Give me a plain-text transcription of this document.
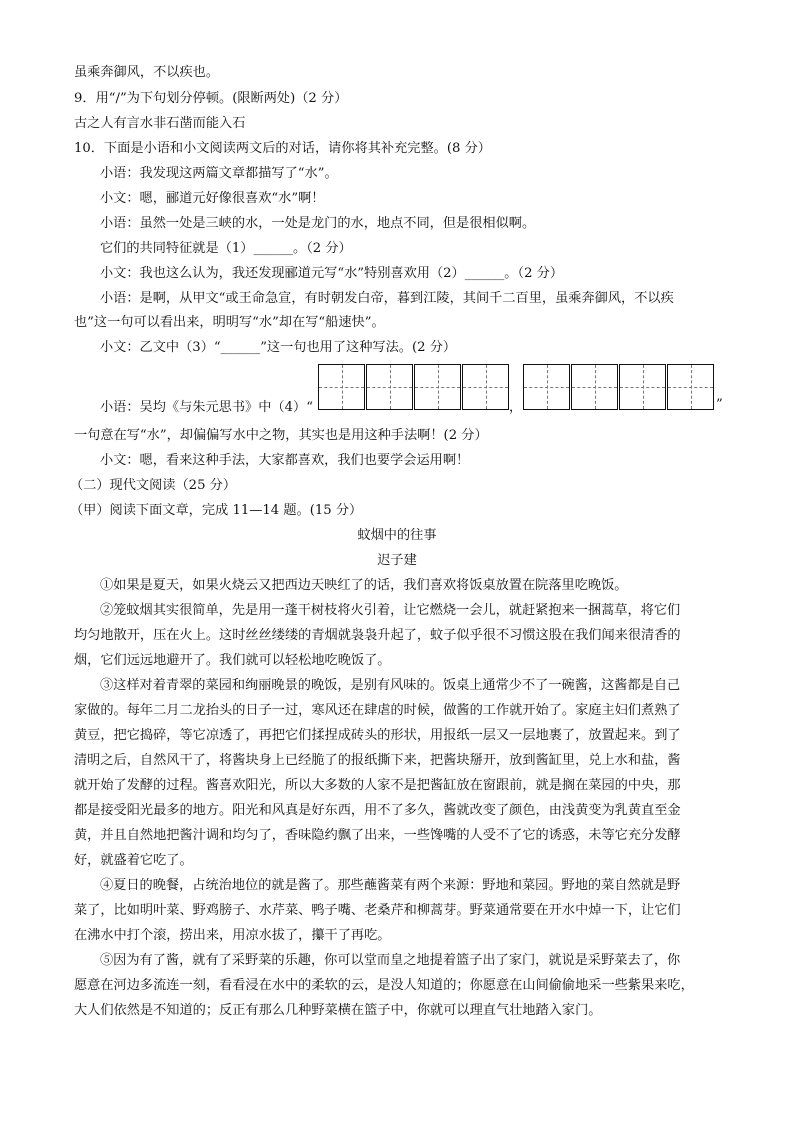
虽乘奔御风，不以疾也。
9．用“/”为下句划分停顿。(限断两处)（2 分）
古之人有言水非石凿而能入石
10．下面是小语和小文阅读两文后的对话，请你将其补充完整。(8 分）
小语：我发现这两篇文章都描写了“水”。
小文：嗯，郦道元好像很喜欢“水”啊！
小语：虽然一处是三峡的水，一处是龙门的水，地点不同，但是很相似啊。
它们的共同特征就是（1）______。（2 分）
小文：我也这么认为，我还发现郦道元写“水”特别喜欢用（2）______。（2 分）
小语：是啊，从甲文“或王命急宣，有时朝发白帝，暮到江陵，其间千二百里，虽乘奔御风，不以疾
也”这一句可以看出来，明明写“水”却在写“船速快”。
小文：乙文中（3）“______”这一句也用了这种写法。(2 分）
小语：吴均《与朱元思书》中（4）“	，	”
一句意在写“水”，却偏偏写水中之物，其实也是用这种手法啊！(2 分）
小文：嗯，看来这种手法，大家都喜欢，我们也要学会运用啊！
（二）现代文阅读（25 分）
（甲）阅读下面文章，完成 11—14 题。(15 分）
蚊烟中的往事
迟子建
①如果是夏天，如果火烧云又把西边天映红了的话，我们喜欢将饭桌放置在院落里吃晚饭。
②笼蚊烟其实很简单，先是用一蓬干树枝将火引着，让它燃烧一会儿，就赶紧抱来一捆蒿草，将它们
均匀地散开，压在火上。这时丝丝缕缕的青烟就袅袅升起了，蚊子似乎很不习惯这股在我们闻来很清香的
烟，它们远远地避开了。我们就可以轻松地吃晚饭了。
③这样对着青翠的菜园和绚丽晚景的晚饭，是别有风味的。饭桌上通常少不了一碗酱，这酱都是自己
家做的。每年二月二龙抬头的日子一过，寒风还在肆虐的时候，做酱的工作就开始了。家庭主妇们煮熟了
黄豆，把它捣碎，等它凉透了，再把它们揉捏成砖头的形状，用报纸一层又一层地裹了，放置起来。到了
清明之后，自然风干了，将酱块身上已经脆了的报纸撕下来，把酱块掰开，放到酱缸里，兑上水和盐，酱
就开始了发酵的过程。酱喜欢阳光，所以大多数的人家不是把酱缸放在窗跟前，就是搁在菜园的中央，那
都是接受阳光最多的地方。阳光和风真是好东西，用不了多久，酱就改变了颜色，由浅黄变为乳黄直至金
黄，并且自然地把酱汁调和均匀了，香味隐约飘了出来，一些馋嘴的人受不了它的诱惑，未等它充分发酵
好，就盛着它吃了。
④夏日的晚餐，占统治地位的就是酱了。那些蘸酱菜有两个来源：野地和菜园。野地的菜自然就是野
菜了，比如明叶菜、野鸡膀子、水芹菜、鸭子嘴、老桑芹和柳蒿芽。野菜通常要在开水中焯一下，让它们
在沸水中打个滚，捞出来，用凉水拔了，攥干了再吃。
⑤因为有了酱，就有了采野菜的乐趣，你可以堂而皇之地提着篮子出了家门，就说是采野菜去了，你
愿意在河边多流连一刻，看看浸在水中的柔软的云，是没人知道的；你愿意在山间偷偷地采一些紫果来吃，
大人们依然是不知道的；反正有那么几种野菜横在篮子中，你就可以理直气壮地踏入家门。
